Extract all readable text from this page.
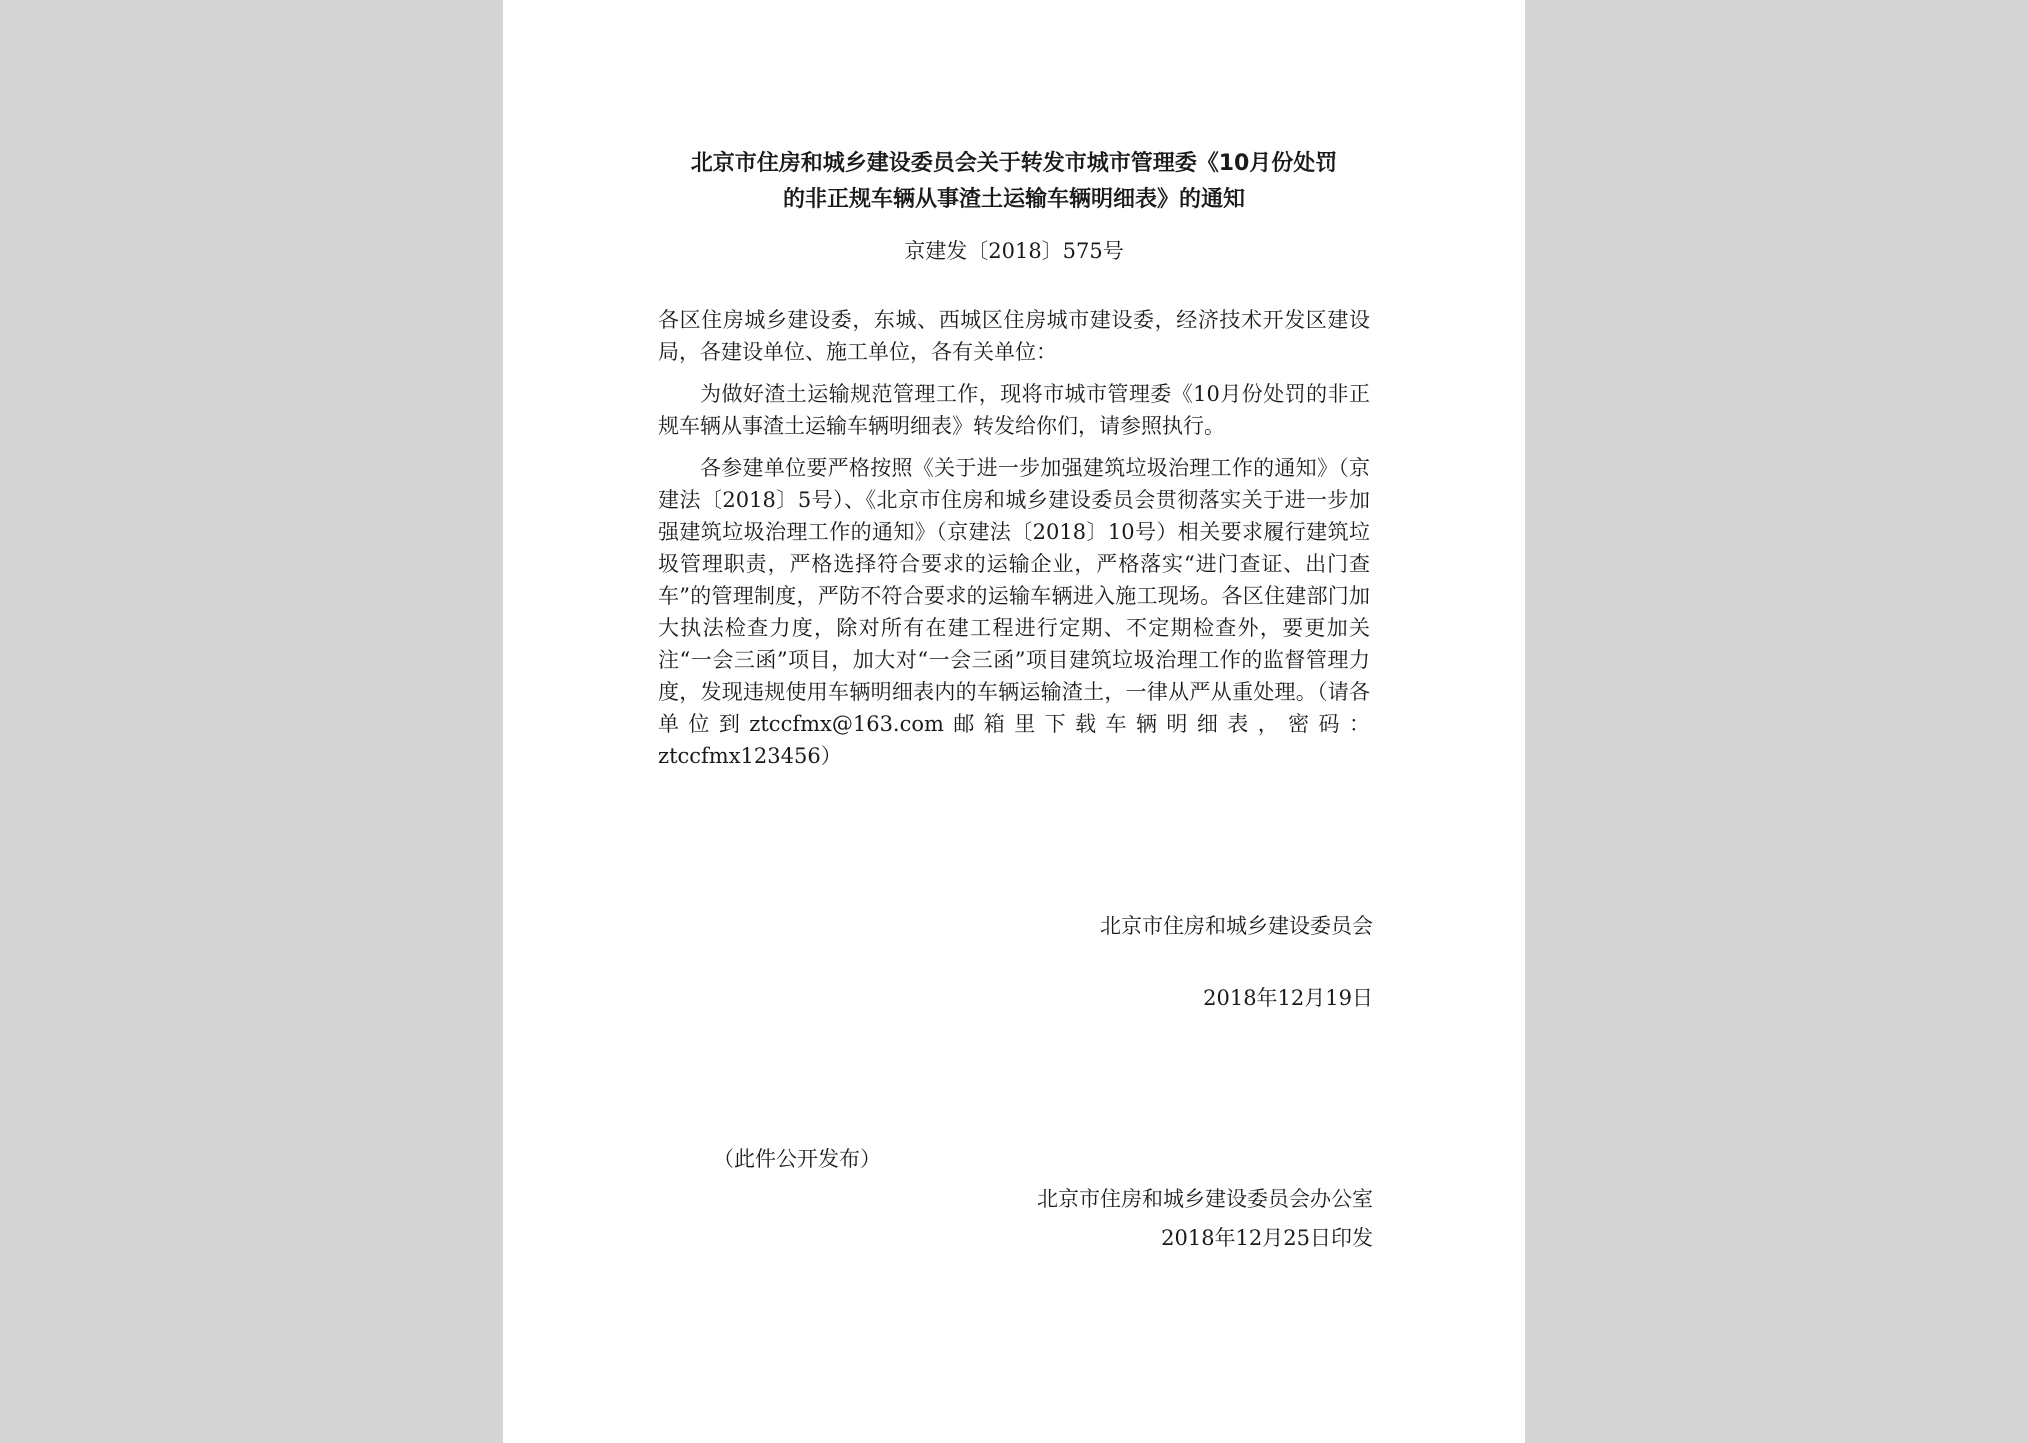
北京市住房和城乡建设委员会关于转发市城市管理委《10月份处罚
的非正规车辆从事渣土运输车辆明细表》的通知
京建发〔2018〕575号

各区住房城乡建设委，东城、西城区住房城市建设委，经济技术开发区建设局，各建设单位、施工单位，各有关单位：

为做好渣土运输规范管理工作，现将市城市管理委《10月份处罚的非正规车辆从事渣土运输车辆明细表》转发给你们，请参照执行。

各参建单位要严格按照《关于进一步加强建筑垃圾治理工作的通知》（京建法〔2018〕5号）、《北京市住房和城乡建设委员会贯彻落实关于进一步加强建筑垃圾治理工作的通知》（京建法〔2018〕10号）相关要求履行建筑垃圾管理职责，严格选择符合要求的运输企业，严格落实“进门查证、出门查车”的管理制度，严防不符合要求的运输车辆进入施工现场。各区住建部门加大执法检查力度，除对所有在建工程进行定期、不定期检查外，要更加关注“一会三函”项目，加大对“一会三函”项目建筑垃圾治理工作的监督管理力度，发现违规使用车辆明细表内的车辆运输渣土，一律从严从重处理。（请各单位到ztccfmx@163.com邮箱里下载车辆明细表，密码：ztccfmx123456）

北京市住房和城乡建设委员会
2018年12月19日
（此件公开发布）
北京市住房和城乡建设委员会办公室
2018年12月25日印发
